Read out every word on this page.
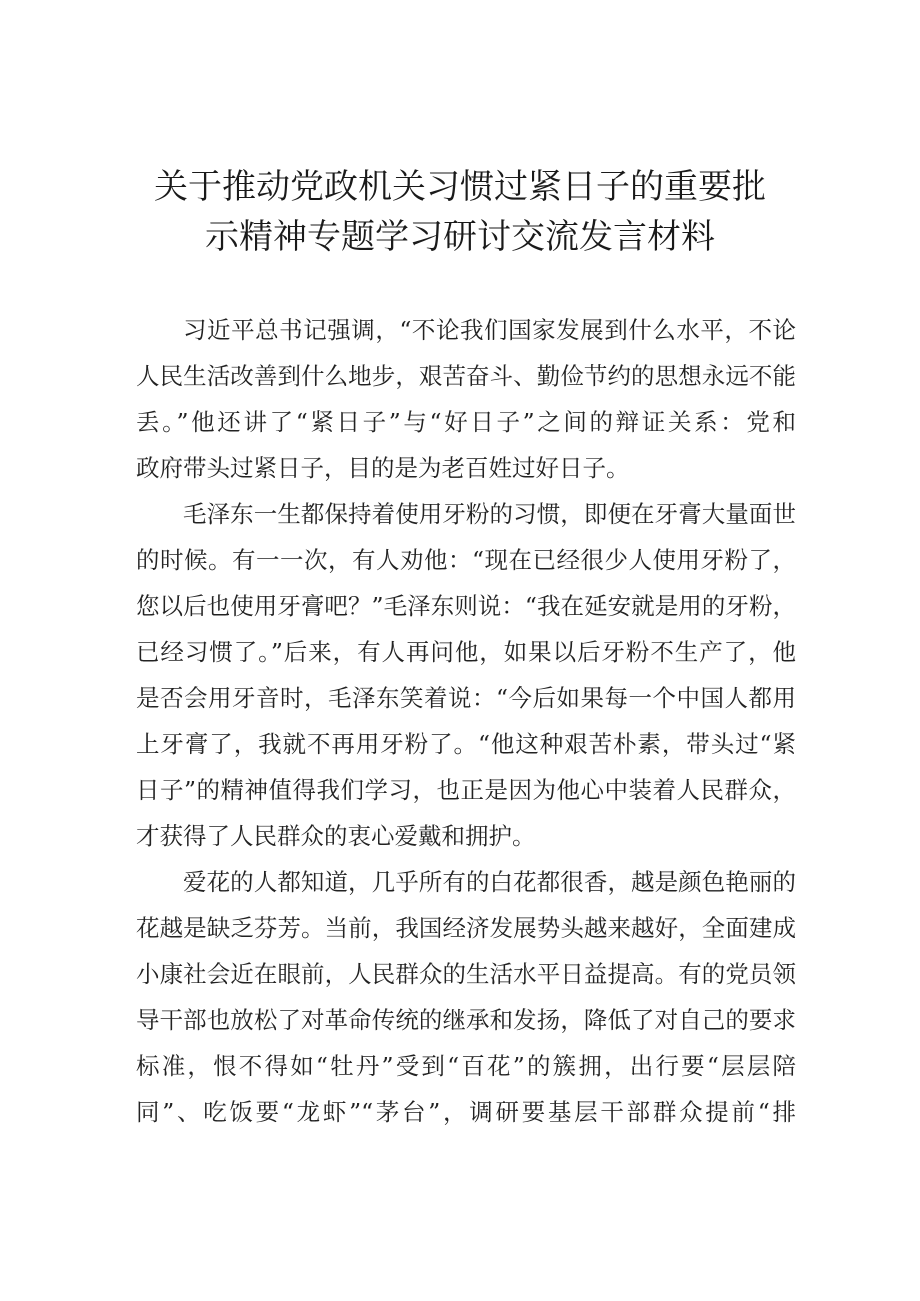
关于推动党政机关习惯过紧日子的重要批
示精神专题学习研讨交流发言材料
习近平总书记强调，“不论我们国家发展到什么水平，不论
人民生活改善到什么地步，艰苦奋斗、勤俭节约的思想永远不能
丢。”他还讲了“紧日子”与“好日子”之间的辩证关系：党和
政府带头过紧日子，目的是为老百姓过好日子。
毛泽东一生都保持着使用牙粉的习惯，即便在牙膏大量面世
的时候。有一一次，有人劝他：“现在已经很少人使用牙粉了，
您以后也使用牙膏吧？”毛泽东则说：“我在延安就是用的牙粉，
已经习惯了。”后来，有人再问他，如果以后牙粉不生产了，他
是否会用牙音时，毛泽东笑着说：“今后如果每一个中国人都用
上牙膏了，我就不再用牙粉了。“他这种艰苦朴素，带头过“紧
日子”的精神值得我们学习，也正是因为他心中装着人民群众，
才获得了人民群众的衷心爱戴和拥护。
爱花的人都知道，几乎所有的白花都很香，越是颜色艳丽的
花越是缺乏芬芳。当前，我国经济发展势头越来越好，全面建成
小康社会近在眼前，人民群众的生活水平日益提高。有的党员领
导干部也放松了对革命传统的继承和发扬，降低了对自己的要求
标准，恨不得如“牡丹”受到“百花”的簇拥，出行要“层层陪
同”、吃饭要“龙虾”“茅台”，调研要基层干部群众提前“排
